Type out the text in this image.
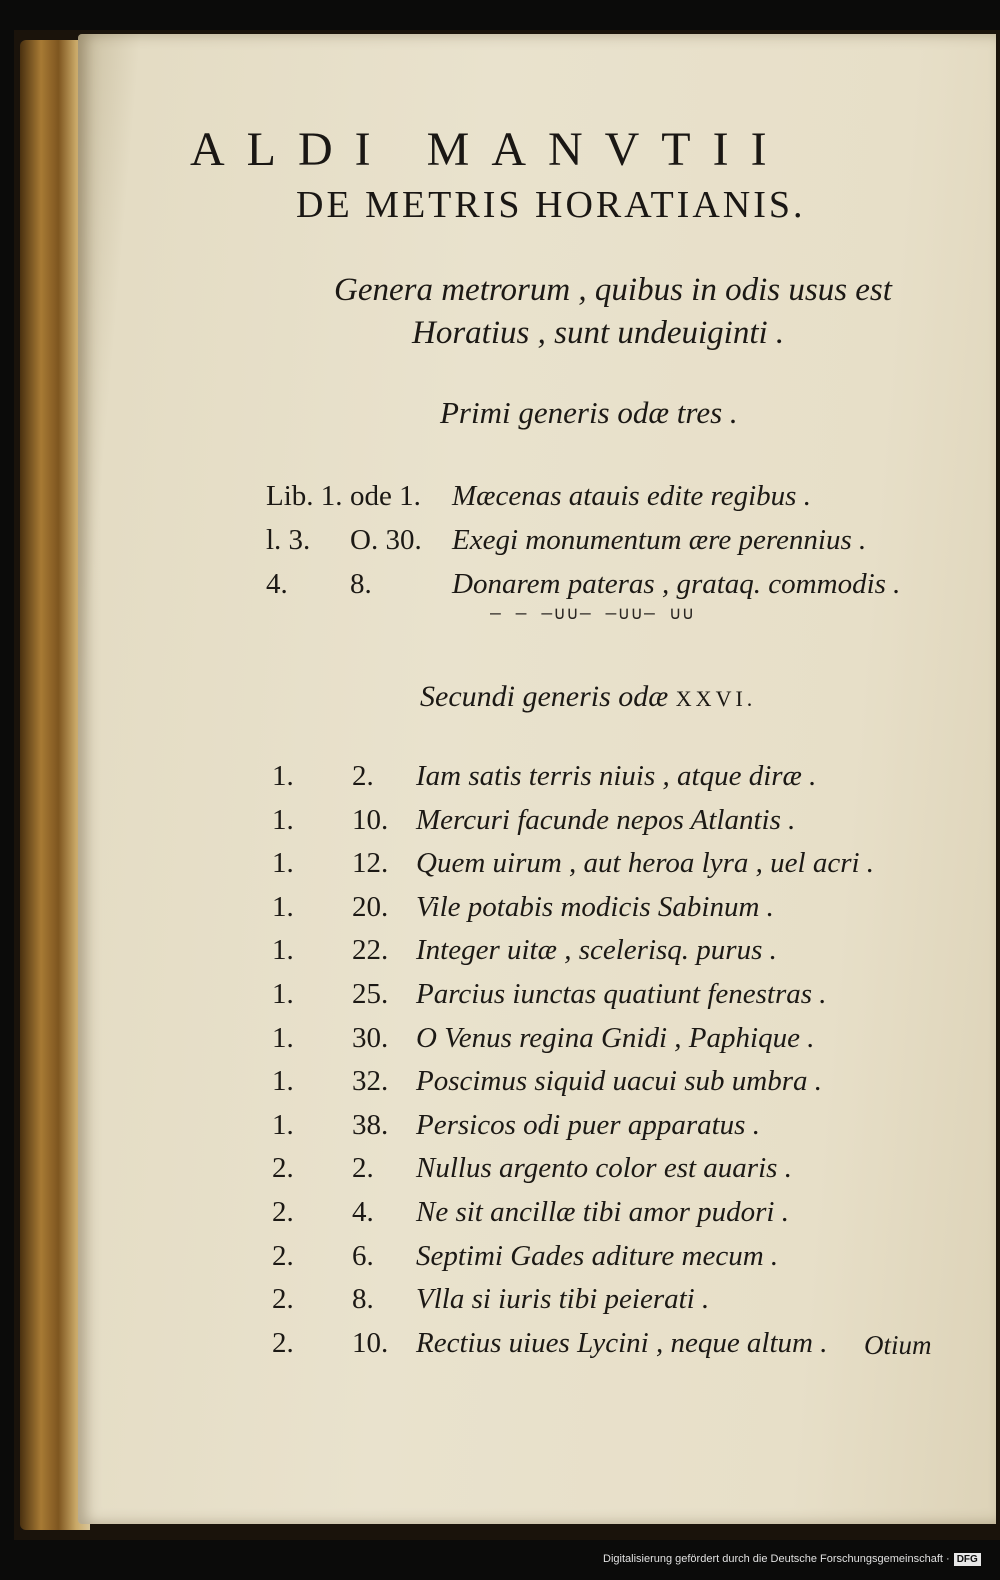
ALDI MANVTII
DE METRIS HORATIANIS.
Genera metrorum , quibus in odis usus est
Horatius , sunt undeuiginti .
Primi generis odæ tres .
Lib. 1. ode 1. Mæcenas atauis edite regibus .
l. 3. O. 30. Exegi monumentum ære perennius .
4. 8.	Donarem pateras , grataq. commodis .
— — –∪∪– –∪∪– ∪∪
Secundi generis odæ XXVI.
1. 2. Iam satis terris niuis , atque diræ .
1. 10. Mercuri facunde nepos Atlantis .
1. 12. Quem uirum , aut heroa lyra , uel acri .
1. 20. Vile potabis modicis Sabinum .
1. 22. Integer uitæ , scelerisq. purus .
1. 25. Parcius iunctas quatiunt fenestras .
1. 30. O Venus regina Gnidi , Paphique .
1. 32. Poscimus siquid uacui sub umbra .
1. 38. Persicos odi puer apparatus .
2. 2. Nullus argento color est auaris .
2. 4. Ne sit ancillæ tibi amor pudori .
2. 6. Septimi Gades aditure mecum .
2. 8. Vlla si iuris tibi peierati .
2. 10. Rectius uiues Lycini , neque altum . Otium
Digitalisierung gefördert durch die Deutsche Forschungsgemeinschaft · DFG
